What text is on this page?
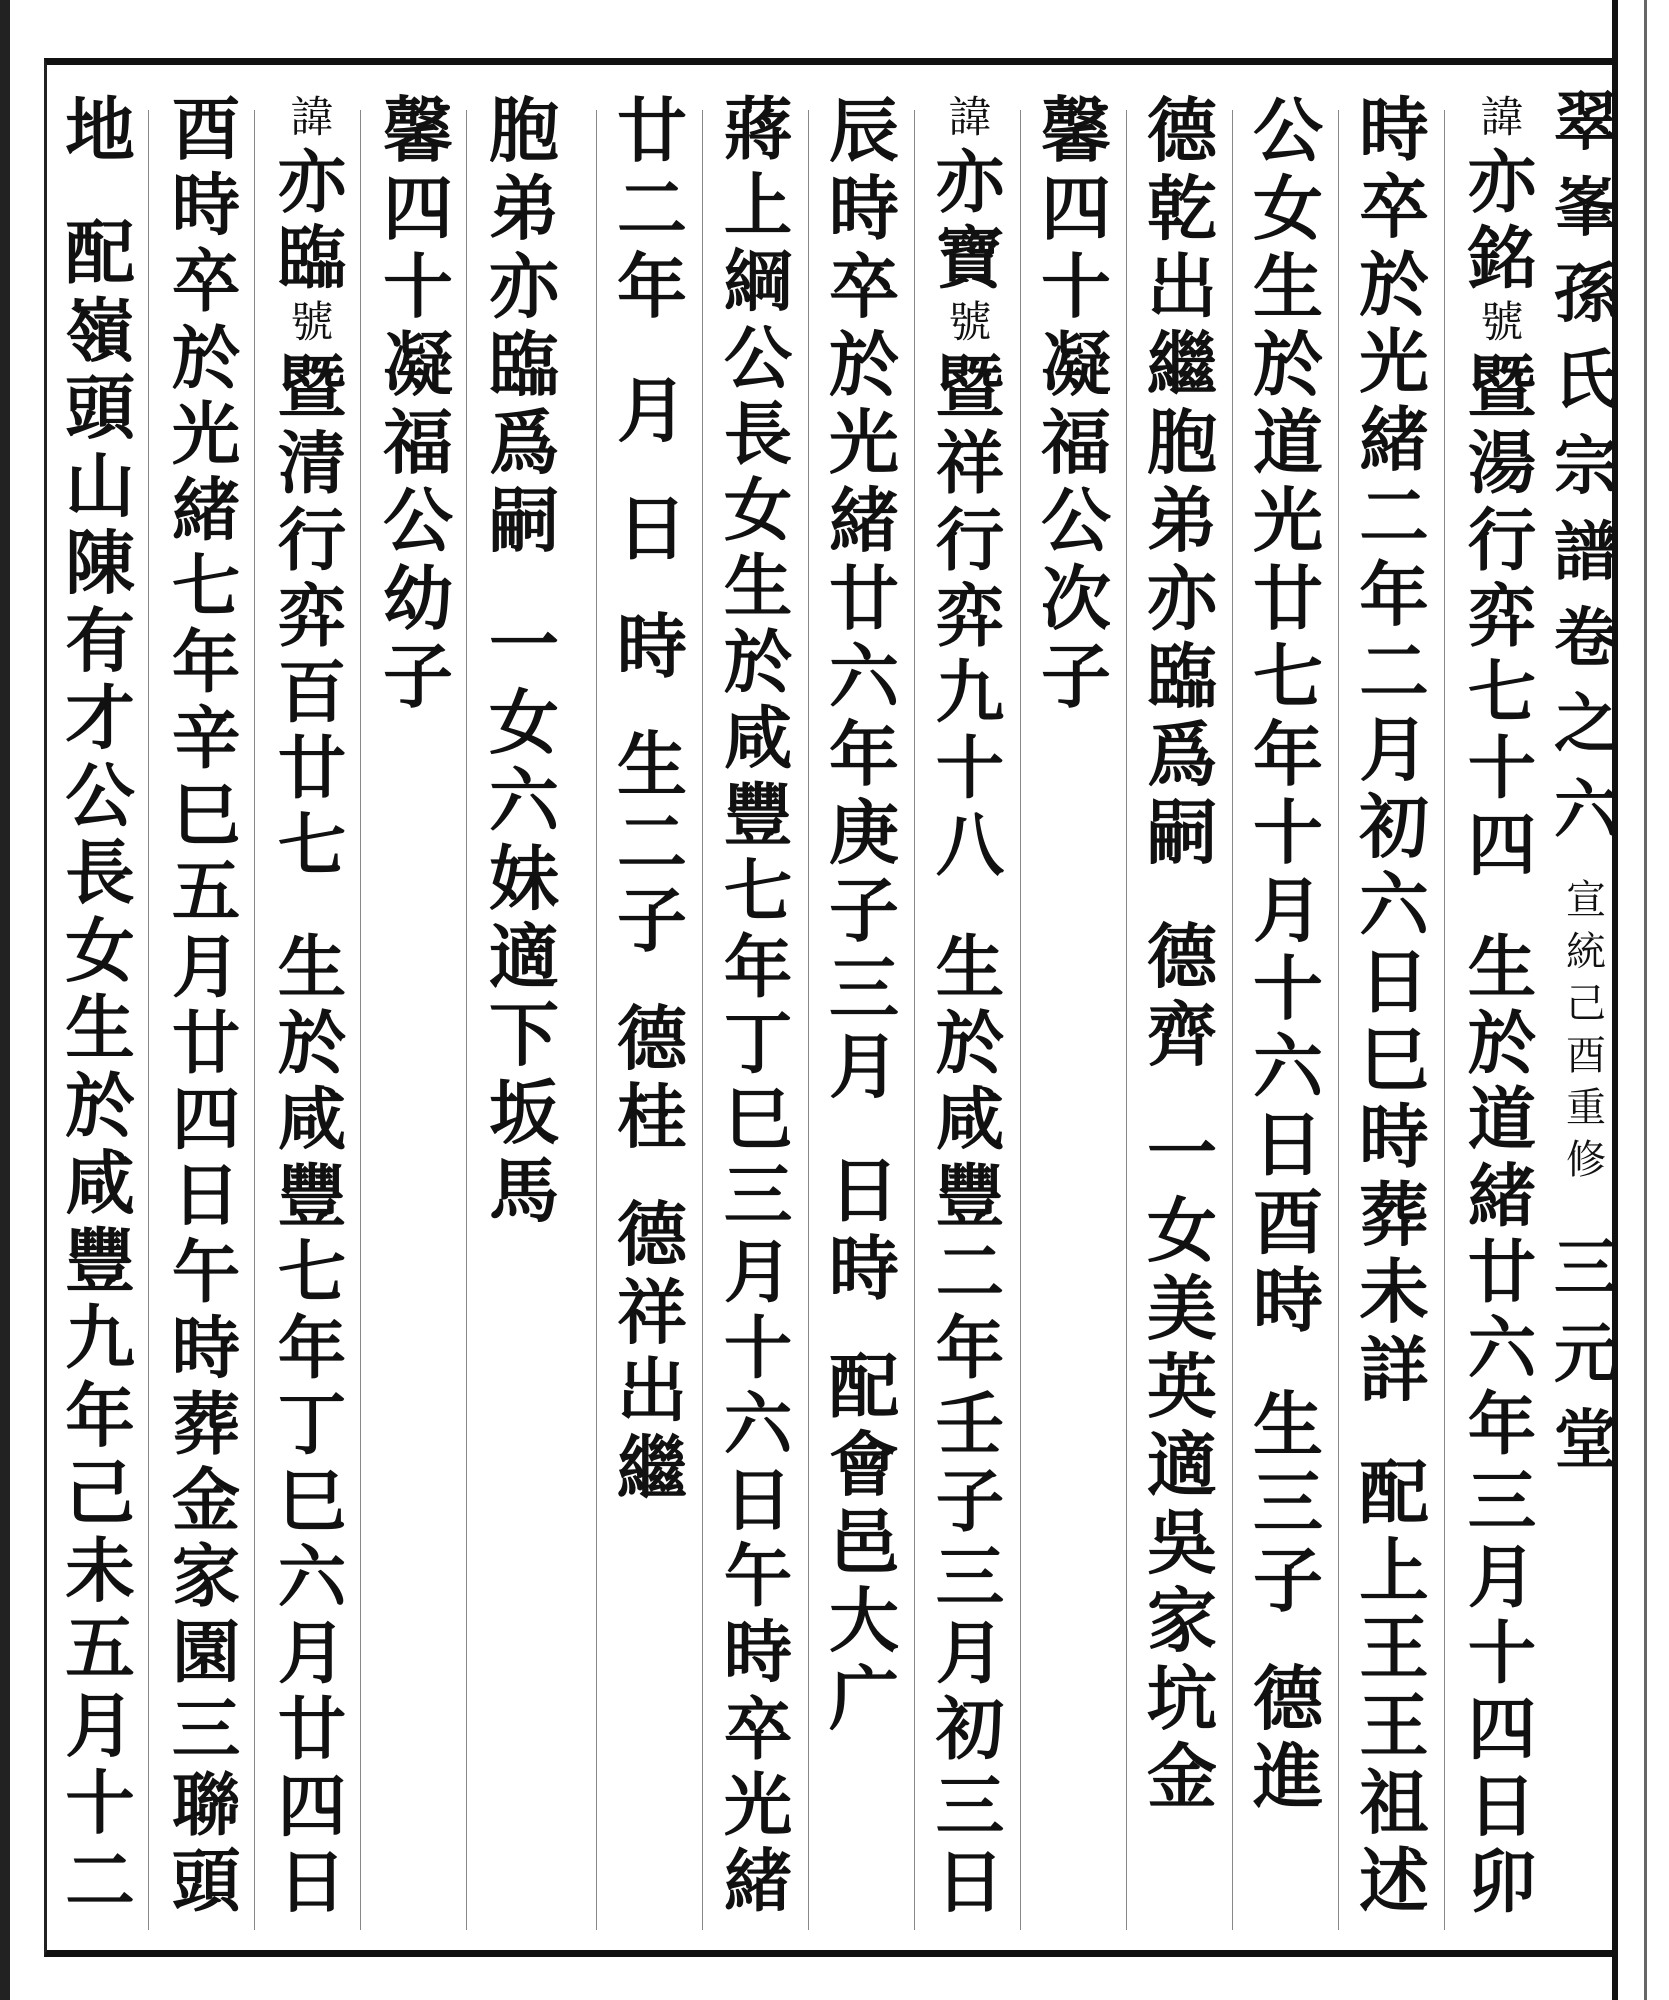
翠
峯
孫
氏
宗
譜
卷
之
六
宣
統
己
酉
重
修
三
元
堂
諱
亦
銘
號
暨
湯
行
弈
七
十
四
生
於
道
緒
廿
六
年
三
月
十
四
日
卯
時
卒
於
光
緒
二
年
二
月
初
六
日
巳
時
葬
未
詳
配
上
王
王
祖
述
公
女
生
於
道
光
廿
七
年
十
月
十
六
日
酉
時
生
三
子

德
進
德
乾
出
繼
胞
弟
亦
臨
爲
嗣
德
齊

一
女
美
英
適
吳
家
坑
金
馨
四
十
凝
福
公
次
子
諱
亦
寶
號
暨
祥
行
弈
九
十
八
生
於
咸
豐
二
年
壬
子
三
月
初
三
日
辰
時
卒
於
光
緒
廿
六
年
庚
子
三
月
日
時

配
會
邑
大
广
蔣
上
綱
公
長
女
生
於
咸
豐
七
年
丁
巳
三
月
十
六
日
午
時
卒
光
緒
廿
二
年
月

日

時

生
二
子

德
桂

德
祥
出
繼
胞
弟
亦
臨
爲
嗣
一
女
六
妹
適
下
坂
馬
馨
四
十
凝
福
公
幼
子
諱
亦
臨
號
暨
清
行
弈
百
廿
七
生
於
咸
豐
七
年
丁
巳
六
月
廿
四
日
酉
時
卒
於
光
緒
七
年
辛
巳
五
月
廿
四
日
午
時
葬
金
家
園
三
聯
頭
地
配
嶺
頭
山
陳
有
才
公
長
女
生
於
咸
豐
九
年
己
未
五
月
十
二
